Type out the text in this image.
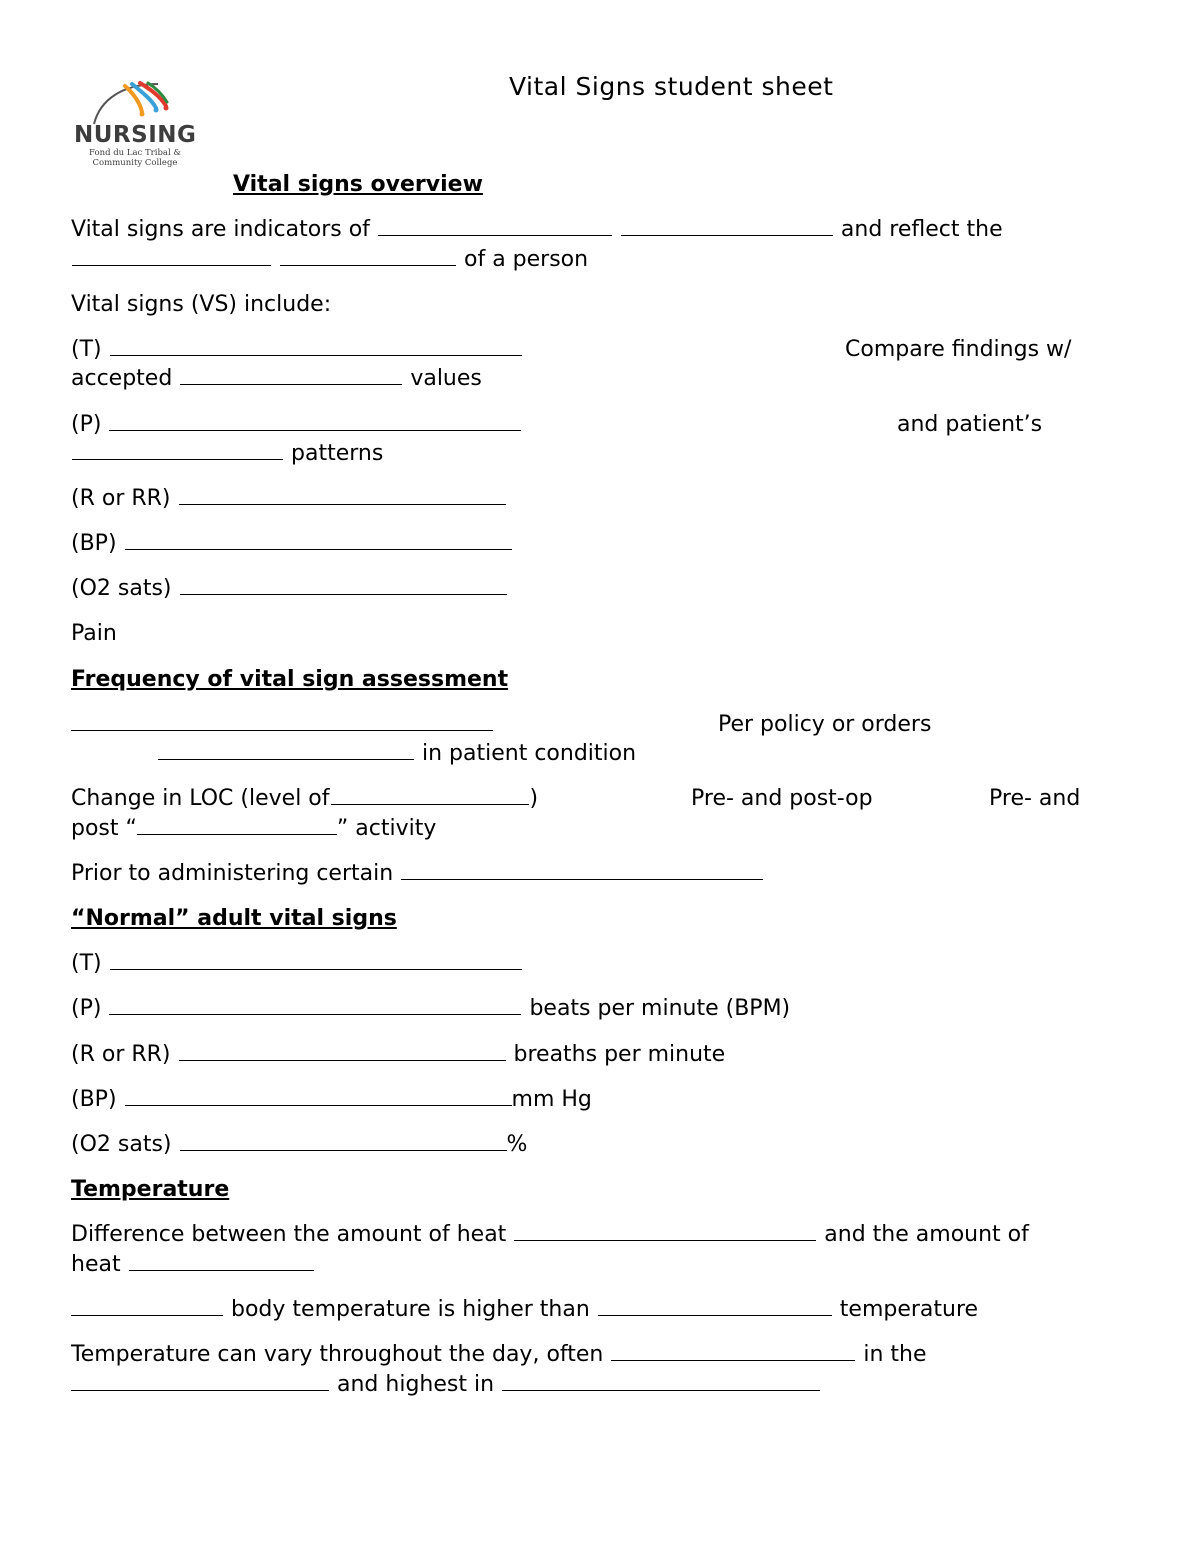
NURSING
Fond du Lac Tribal &
Community College
Vital Signs student sheet
Vital signs overview
Vital signs are indicators of	and reflect the
of a person
Vital signs (VS) include:
(T)	Compare findings w/
accepted	values
(P)	and patient’s
patterns
(R or RR)
(BP)
(O2 sats)
Pain
Frequency of vital sign assessment
Per policy or orders
in patient condition
Change in LOC (level of	)	Pre- and post-op	Pre- and
post “	” activity
Prior to administering certain
“Normal” adult vital signs
(T)
(P)	beats per minute (BPM)
(R or RR)	breaths per minute
(BP)	mm Hg
(O2 sats)	%
Temperature
Difference between the amount of heat	and the amount of
heat
body temperature is higher than	temperature
Temperature can vary throughout the day, often	in the
and highest in
